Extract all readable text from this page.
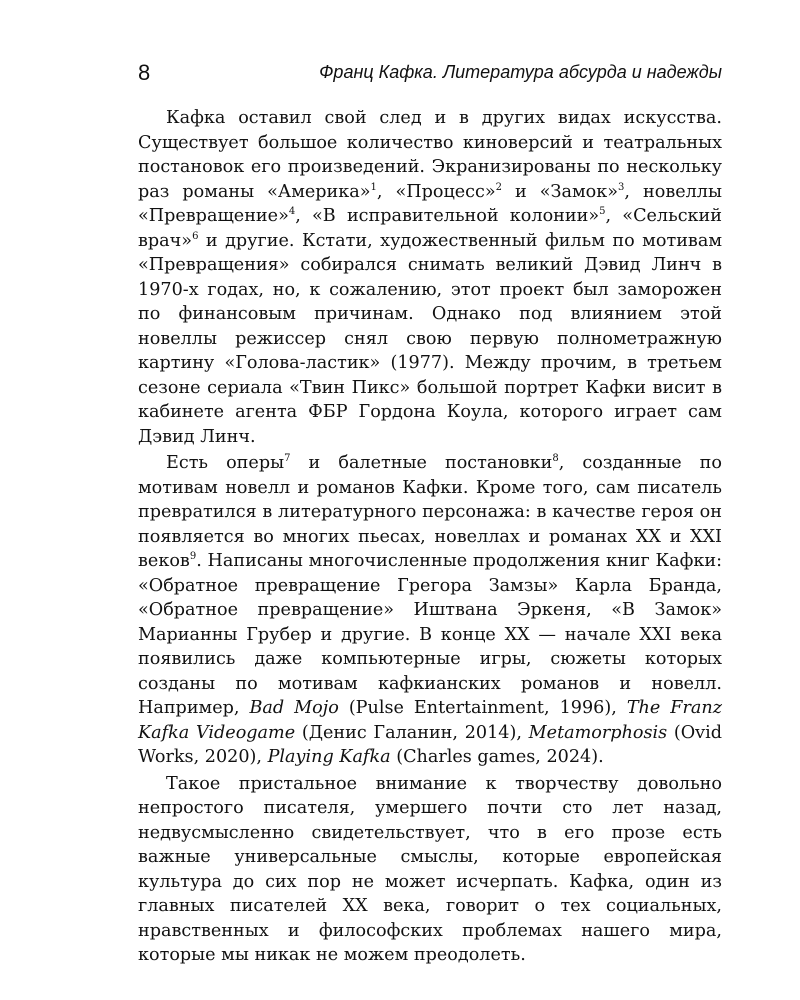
8	Франц Кафка. Литература абсурда и надежды

Кафка оставил свой след и в других видах искусства. Существует большое количество киноверсий и театральных постановок его произведений. Экранизированы по нескольку раз романы «Америка»$^1$, «Процесс»$^2$ и «Замок»$^3$, новеллы «Превращение»$^4$, «В исправительной колонии»$^5$, «Сельский врач»$^6$ и другие. Кстати, художественный фильм по мотивам «Превращения» собирался снимать великий Дэвид Линч в 1970-х годах, но, к сожалению, этот проект был заморожен по финансовым причинам. Однако под влиянием этой новеллы режиссер снял свою первую полнометражную картину «Голова-ластик» (1977). Между прочим, в третьем сезоне сериала «Твин Пикс» большой портрет Кафки висит в кабинете агента ФБР Гордона Коула, которого играет сам Дэвид Линч.

Есть оперы$^7$ и балетные постановки$^8$, созданные по мотивам новелл и романов Кафки. Кроме того, сам писатель превратился в литературного персонажа: в качестве героя он появляется во многих пьесах, новеллах и романах XX и XXI веков$^9$. Написаны многочисленные продолжения книг Кафки: «Обратное превращение Грегора Замзы» Карла Бранда, «Обратное превращение» Иштвана Эркеня, «В Замок» Марианны Грубер и другие. В конце XX — начале XXI века появились даже компьютерные игры, сюжеты которых созданы по мотивам кафкианских романов и новелл. Например, Bad Mojo (Pulse Entertainment, 1996), The Franz Kafka Videogame (Денис Галанин, 2014), Metamorphosis (Ovid Works, 2020), Playing Kafka (Charles games, 2024).

Такое пристальное внимание к творчеству довольно непростого писателя, умершего почти сто лет назад, недвусмысленно свидетельствует, что в его прозе есть важные универсальные смыслы, которые европейская культура до сих пор не может исчерпать. Кафка, один из главных писателей XX века, говорит о тех социальных, нравственных и философских проблемах нашего мира, которые мы никак не можем преодолеть.
